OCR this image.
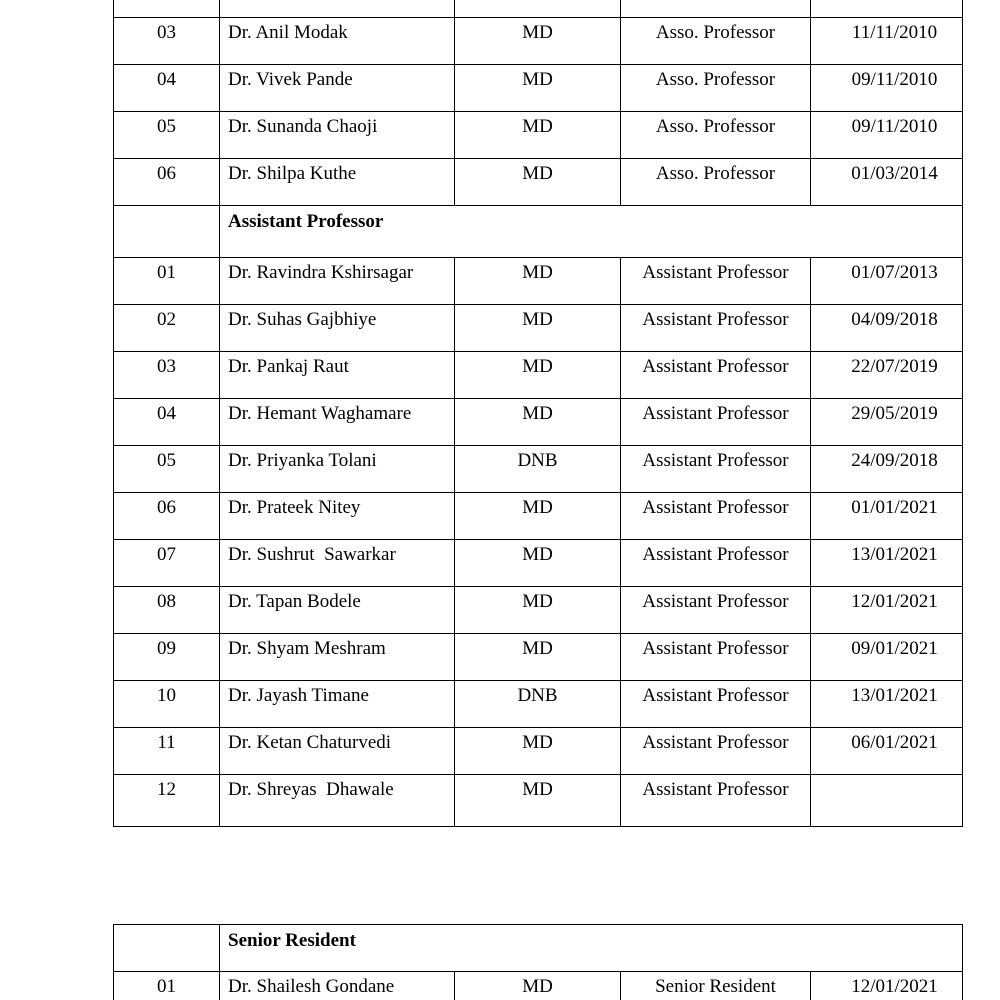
03	Dr. Anil Modak	MD	Asso. Professor	11/11/2010
04	Dr. Vivek Pande	MD	Asso. Professor	09/11/2010
05	Dr. Sunanda Chaoji	MD	Asso. Professor	09/11/2010
06	Dr. Shilpa Kuthe	MD	Asso. Professor	01/03/2014
	Assistant Professor			
01	Dr. Ravindra Kshirsagar	MD	Assistant Professor	01/07/2013
02	Dr. Suhas Gajbhiye	MD	Assistant Professor	04/09/2018
03	Dr. Pankaj Raut	MD	Assistant Professor	22/07/2019
04	Dr. Hemant Waghamare	MD	Assistant Professor	29/05/2019
05	Dr. Priyanka Tolani	DNB	Assistant Professor	24/09/2018
06	Dr. Prateek Nitey	MD	Assistant Professor	01/01/2021
07	Dr. Sushrut  Sawarkar	MD	Assistant Professor	13/01/2021
08	Dr. Tapan Bodele	MD	Assistant Professor	12/01/2021
09	Dr. Shyam Meshram	MD	Assistant Professor	09/01/2021
10	Dr. Jayash Timane	DNB	Assistant Professor	13/01/2021
11	Dr. Ketan Chaturvedi	MD	Assistant Professor	06/01/2021
12	Dr. Shreyas  Dhawale	MD	Assistant Professor	
	Senior Resident			
01	Dr. Shailesh Gondane	MD	Senior Resident	12/01/2021
